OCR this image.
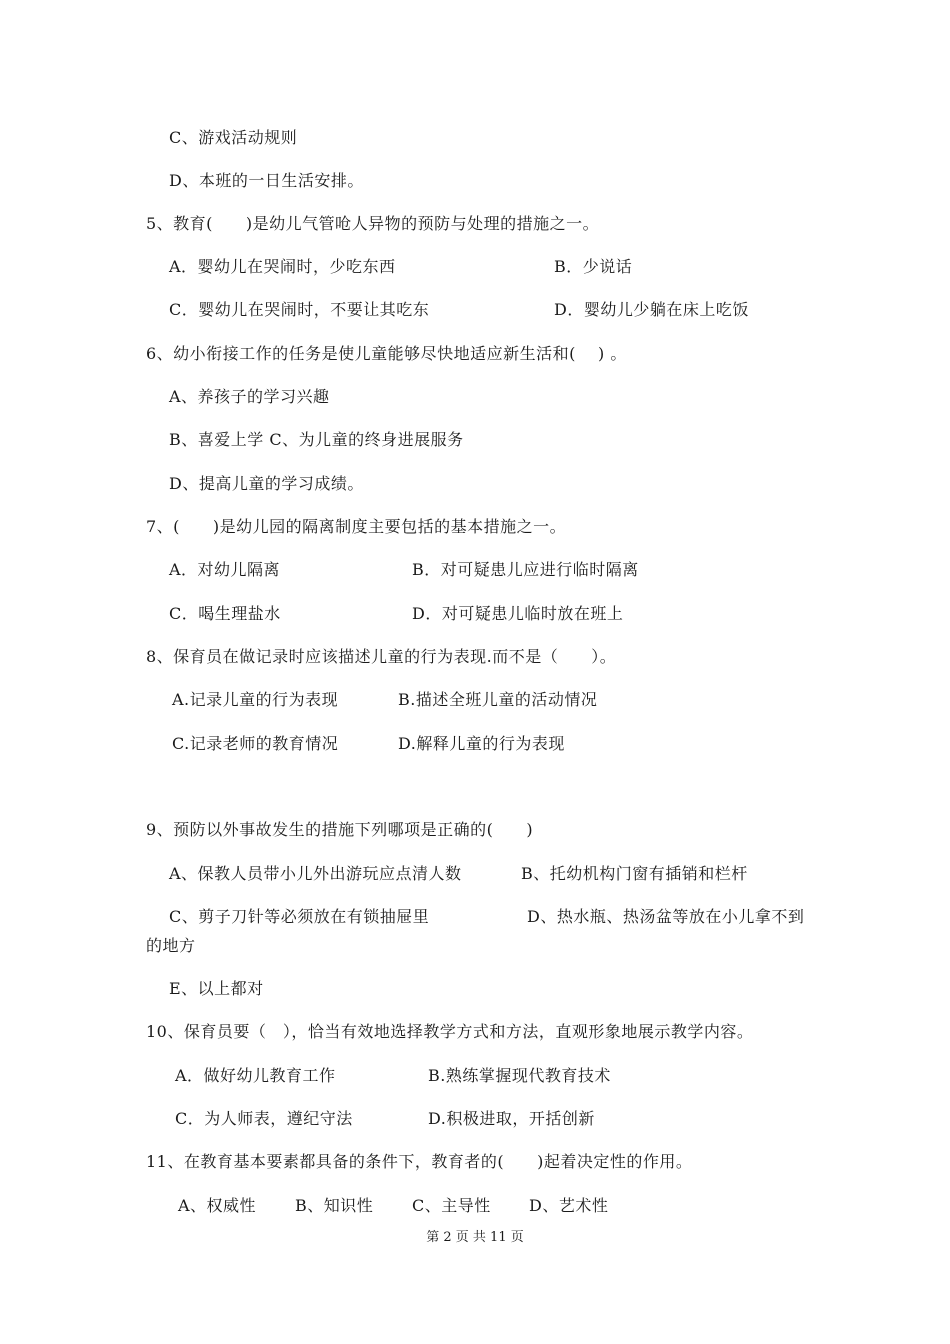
C、游戏活动规则
D、本班的一日生活安排。
5、教育(　　)是幼儿气管呛人异物的预防与处理的措施之一。
A．婴幼儿在哭闹时，少吃东西	B．少说话
C．婴幼儿在哭闹时，不要让其吃东	D．婴幼儿少躺在床上吃饭
6、幼小衔接工作的任务是使儿童能够尽快地适应新生活和(　 ) 。
A、养孩子的学习兴趣
B、喜爱上学 C、为儿童的终身进展服务
D、提高儿童的学习成绩。
7、(　　)是幼儿园的隔离制度主要包括的基本措施之一。
A．对幼儿隔离	B．对可疑患儿应进行临时隔离
C．喝生理盐水	D．对可疑患儿临时放在班上
8、保育员在做记录时应该描述儿童的行为表现.而不是（　　）。
A.记录儿童的行为表现	B.描述全班儿童的活动情况
C.记录老师的教育情况	D.解释儿童的行为表现
9、预防以外事故发生的措施下列哪项是正确的(　　)
A、保教人员带小儿外出游玩应点清人数	B、托幼机构门窗有插销和栏杆
C、剪子刀针等必须放在有锁抽屉里	D、热水瓶、热汤盆等放在小儿拿不到
的地方
E、以上都对
10、保育员要（　），恰当有效地选择教学方式和方法，直观形象地展示教学内容。
A．做好幼儿教育工作	B.熟练掌握现代教育技术
C．为人师表，遵纪守法	D.积极进取，开括创新
11、在教育基本要素都具备的条件下，教育者的(　　)起着决定性的作用。
A、权威性 B、知识性 C、主导性 D、艺术性
第 2 页 共 11 页
